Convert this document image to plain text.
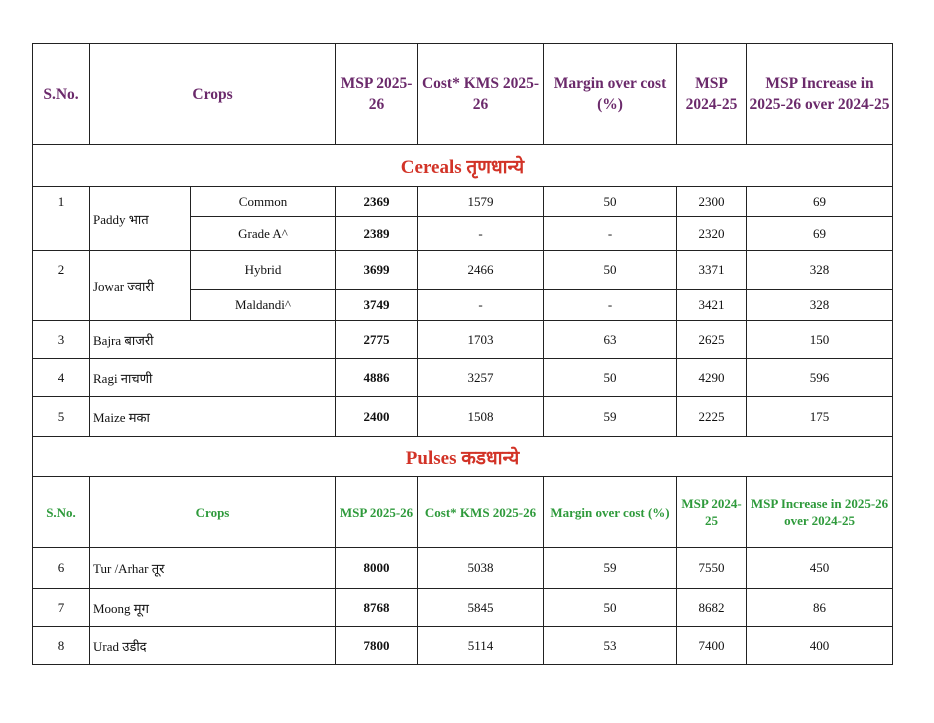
S.No.	Crops		MSP 2025-26	Cost* KMS 2025-26	Margin over cost (%)	MSP 2024-25	MSP Increase in 2025-26 over 2024-25
Cereals तृणधान्ये							
1	Paddy भात	Common	2369	1579	50	2300	69
		Grade A^	2389	-	-	2320	69
2	Jowar ज्वारी	Hybrid	3699	2466	50	3371	328
		Maldandi^	3749	-	-	3421	328
3	Bajra बाजरी		2775	1703	63	2625	150
4	Ragi नाचणी		4886	3257	50	4290	596
5	Maize मका		2400	1508	59	2225	175
Pulses कडधान्ये							
S.No.	Crops		MSP 2025-26	Cost* KMS 2025-26	Margin over cost (%)	MSP 2024-25	MSP Increase in 2025-26 over 2024-25
6	Tur /Arhar तूर		8000	5038	59	7550	450
7	Moong मूग		8768	5845	50	8682	86
8	Urad उडीद		7800	5114	53	7400	400
